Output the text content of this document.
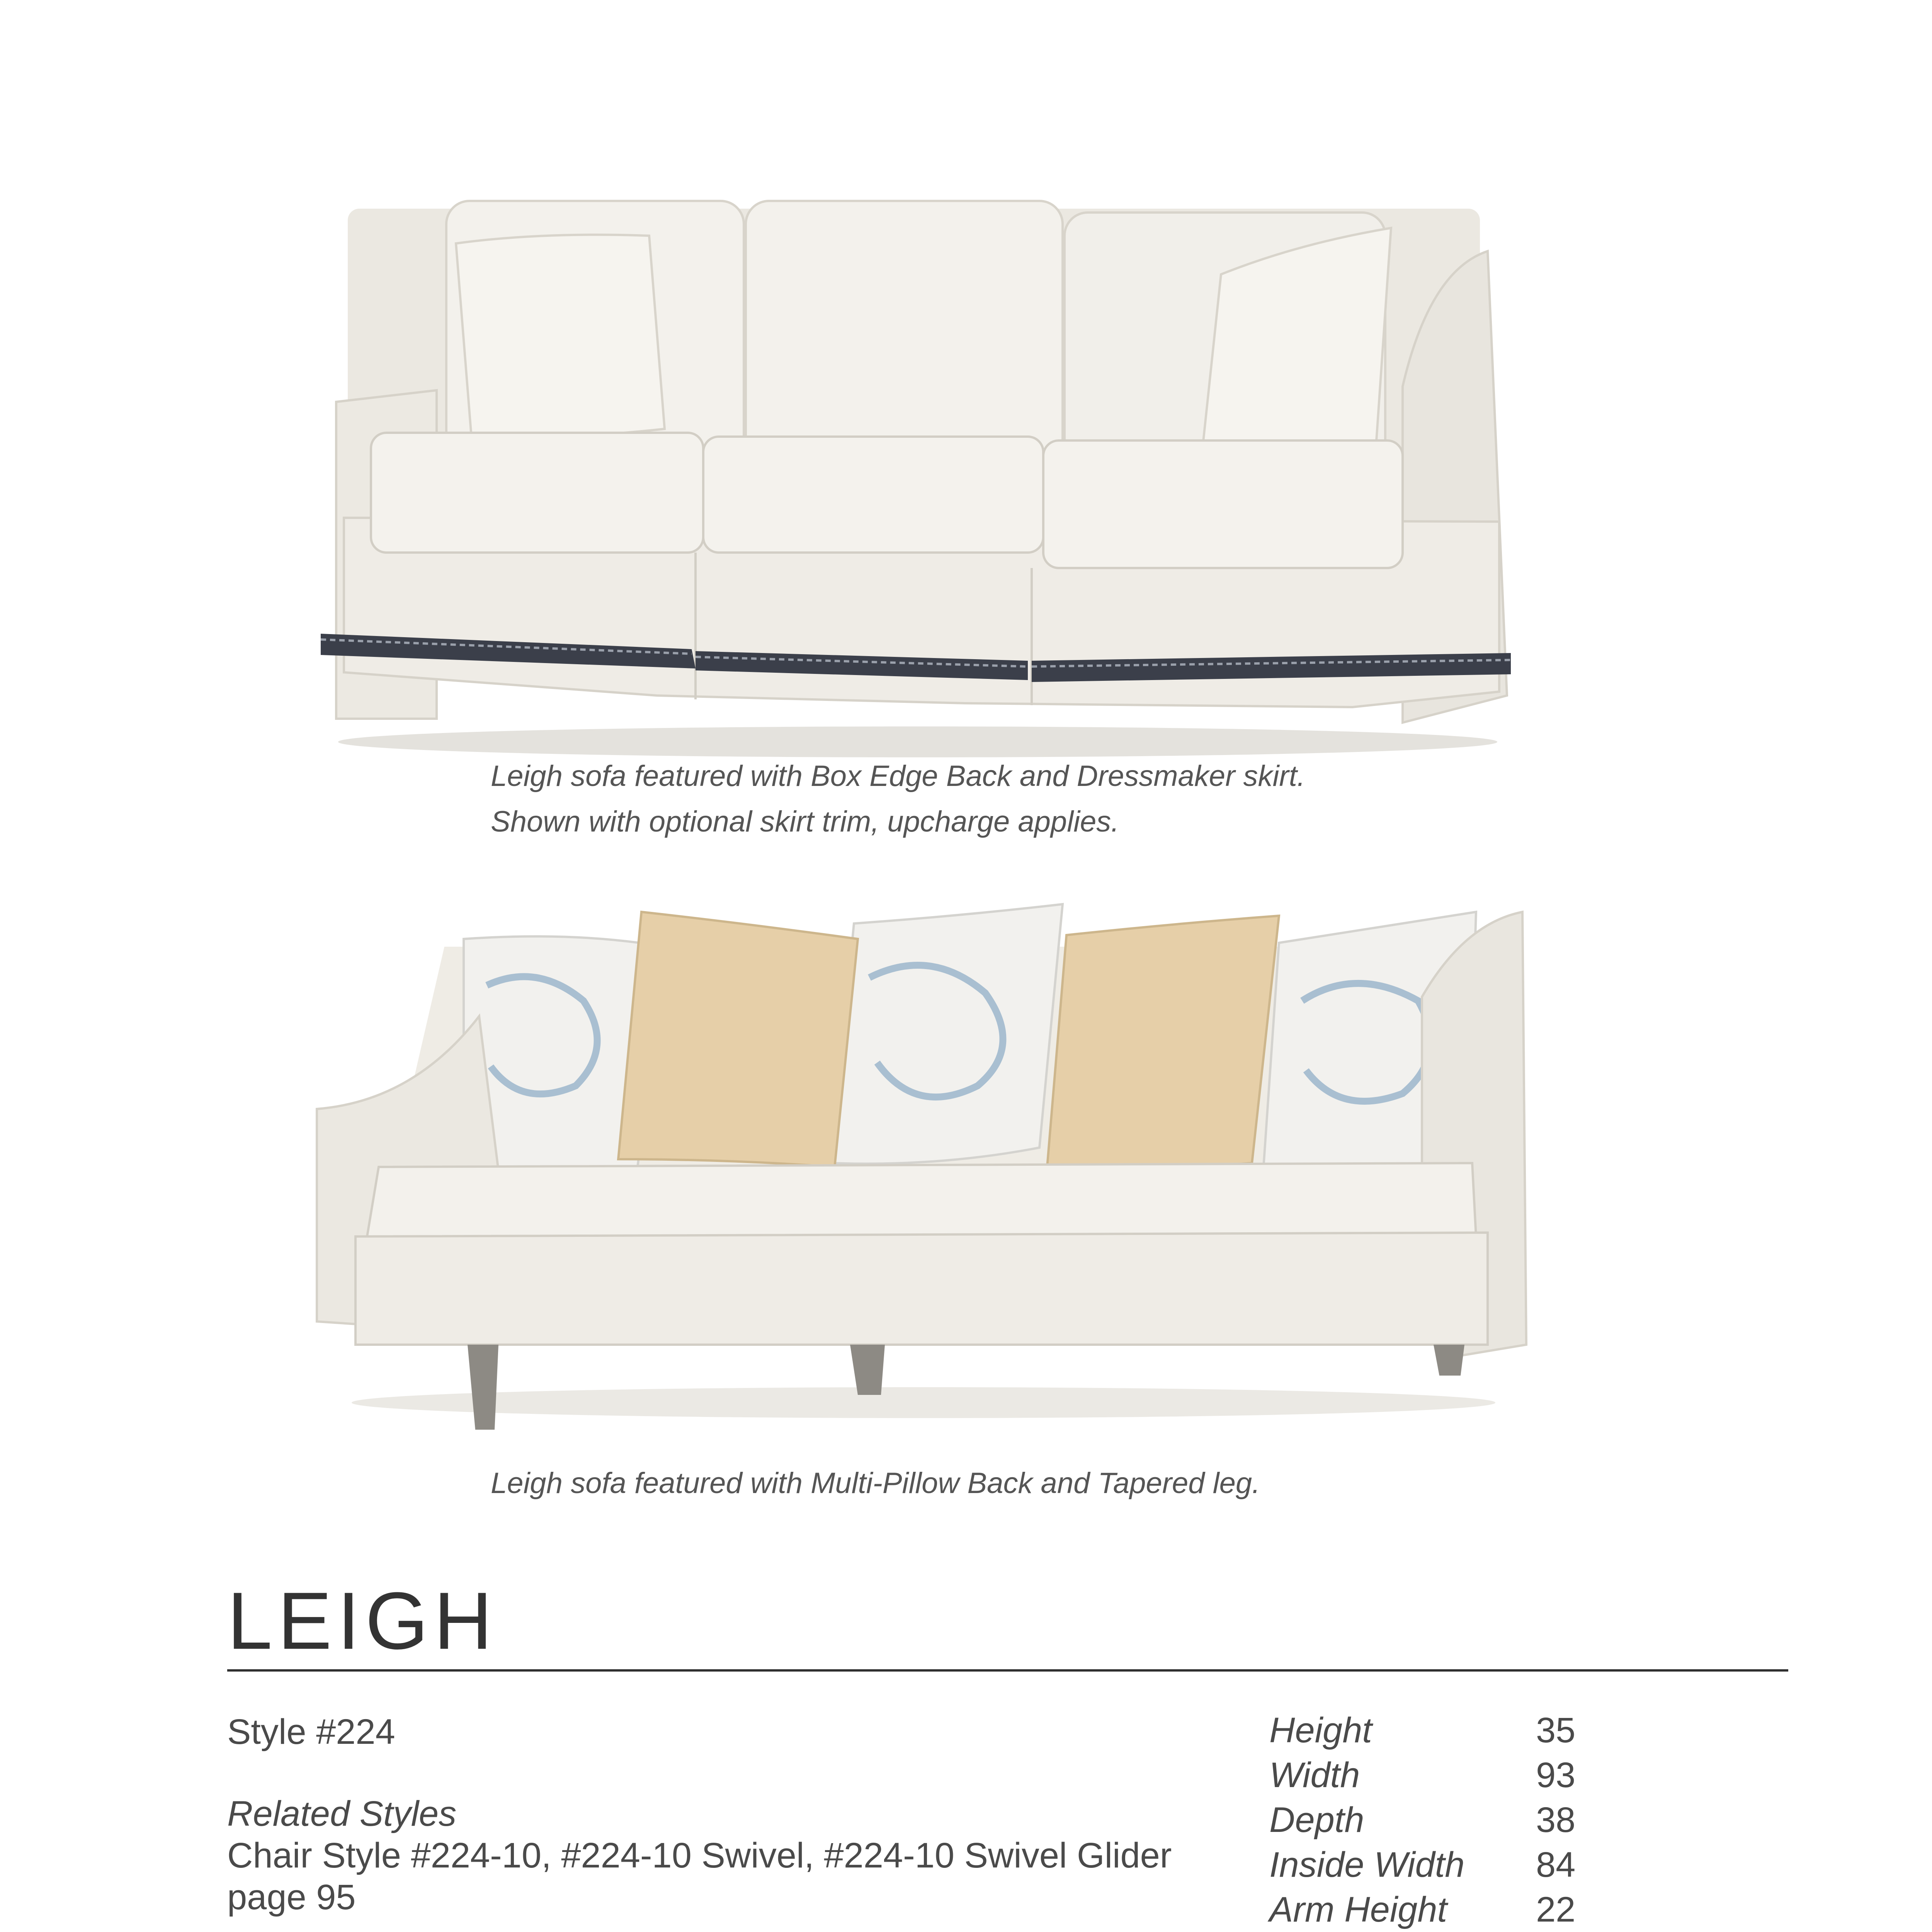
Leigh sofa featured with Box Edge Back and Dressmaker skirt.
Shown with optional skirt trim, upcharge applies.
Leigh sofa featured with Multi-Pillow Back and Tapered leg.
LEIGH
Style #224
Related Styles
Chair Style #224-10, #224-10 Swivel, #224-10 Swivel Glider
page 95
Height	35
Width	93
Depth	38
Inside Width	84
Arm Height	22
